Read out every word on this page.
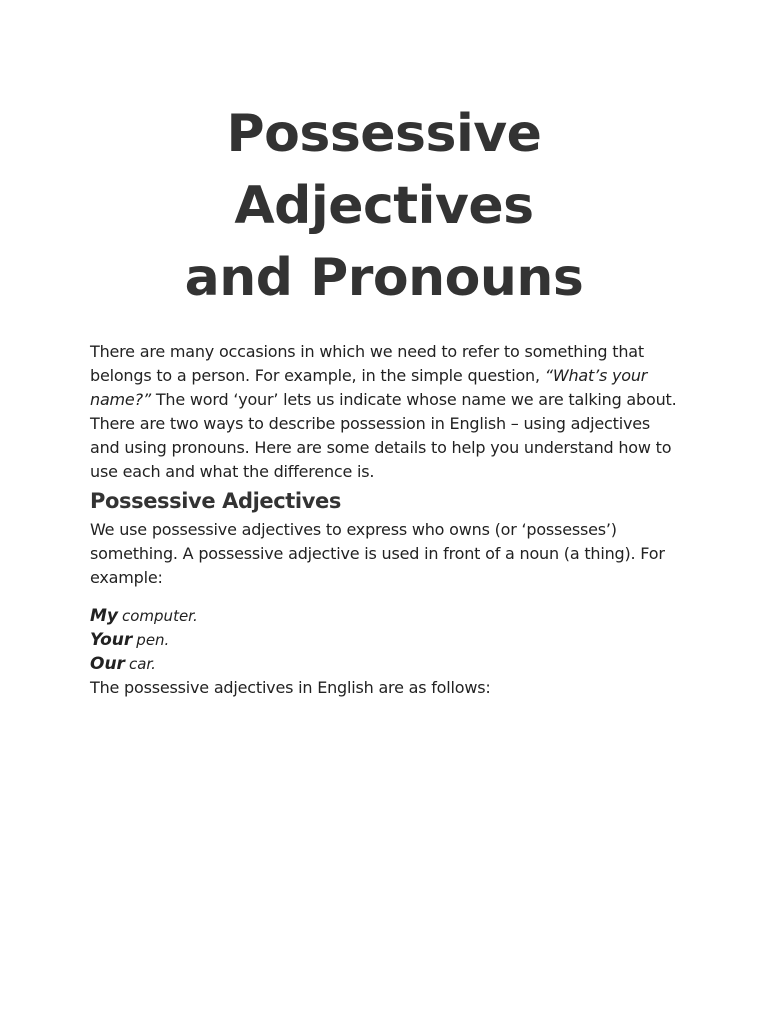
Possessive Adjectives
and Pronouns

There are many occasions in which we need to refer to something that belongs to a person. For example, in the simple question, “What’s your name?” The word ‘your’ lets us indicate whose name we are talking about. There are two ways to describe possession in English – using adjectives and using pronouns. Here are some details to help you understand how to use each and what the difference is.

Possessive Adjectives

We use possessive adjectives to express who owns (or ‘possesses’) something. A possessive adjective is used in front of a noun (a thing). For example:

My computer.
Your pen.
Our car.

The possessive adjectives in English are as follows:
